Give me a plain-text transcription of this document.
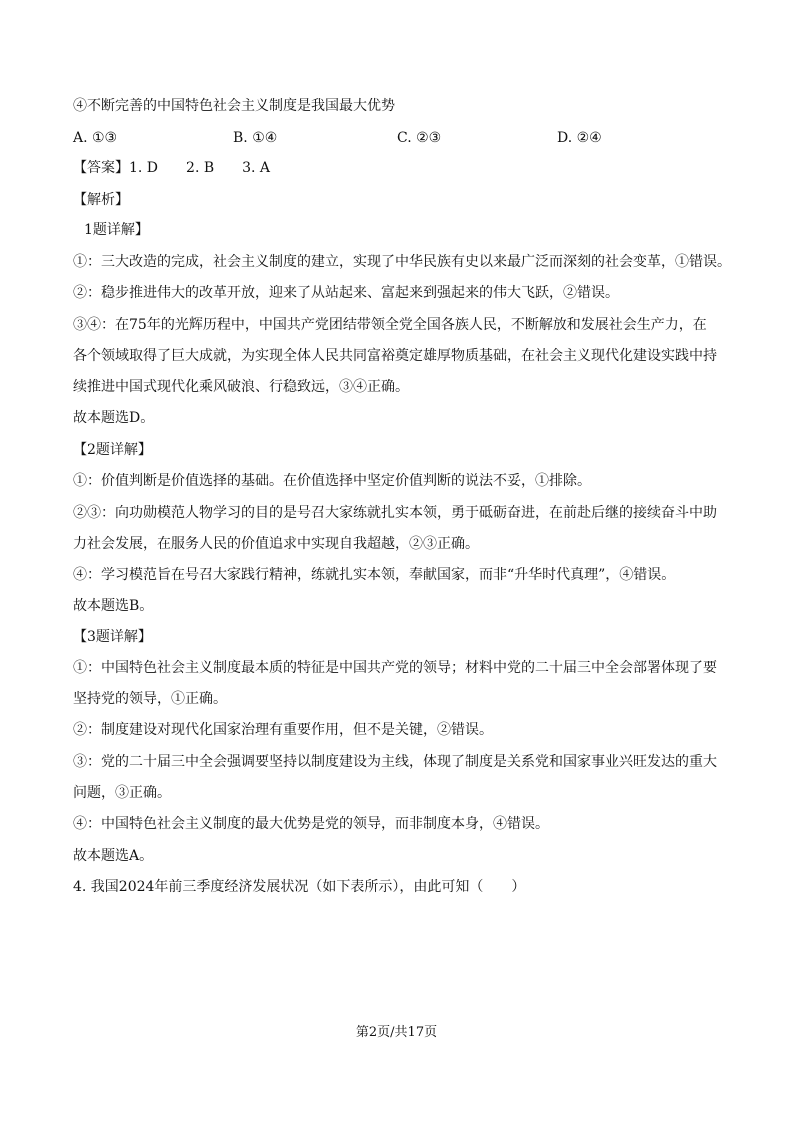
④不断完善的中国特色社会主义制度是我国最大优势
A. ①③	B. ①④	C. ②③	D. ②④
【答案】1. D　　2. B　　3. A
【解析】
1题详解】
①：三大改造的完成，社会主义制度的建立，实现了中华民族有史以来最广泛而深刻的社会变革，①错误。
②：稳步推进伟大的改革开放，迎来了从站起来、富起来到强起来的伟大飞跃，②错误。
③④：在75年的光辉历程中，中国共产党团结带领全党全国各族人民，不断解放和发展社会生产力，在
各个领域取得了巨大成就，为实现全体人民共同富裕奠定雄厚物质基础，在社会主义现代化建设实践中持
续推进中国式现代化乘风破浪、行稳致远，③④正确。
故本题选D。
【2题详解】
①：价值判断是价值选择的基础。在价值选择中坚定价值判断的说法不妥，①排除。
②③：向功勋模范人物学习的目的是号召大家练就扎实本领，勇于砥砺奋进，在前赴后继的接续奋斗中助
力社会发展，在服务人民的价值追求中实现自我超越，②③正确。
④：学习模范旨在号召大家践行精神，练就扎实本领，奉献国家，而非“升华时代真理”，④错误。
故本题选B。
【3题详解】
①：中国特色社会主义制度最本质的特征是中国共产党的领导；材料中党的二十届三中全会部署体现了要
坚持党的领导，①正确。
②：制度建设对现代化国家治理有重要作用，但不是关键，②错误。
③：党的二十届三中全会强调要坚持以制度建设为主线，体现了制度是关系党和国家事业兴旺发达的重大
问题，③正确。
④：中国特色社会主义制度的最大优势是党的领导，而非制度本身，④错误。
故本题选A。
4. 我国2024年前三季度经济发展状况（如下表所示），由此可知（　　）
第2页/共17页
